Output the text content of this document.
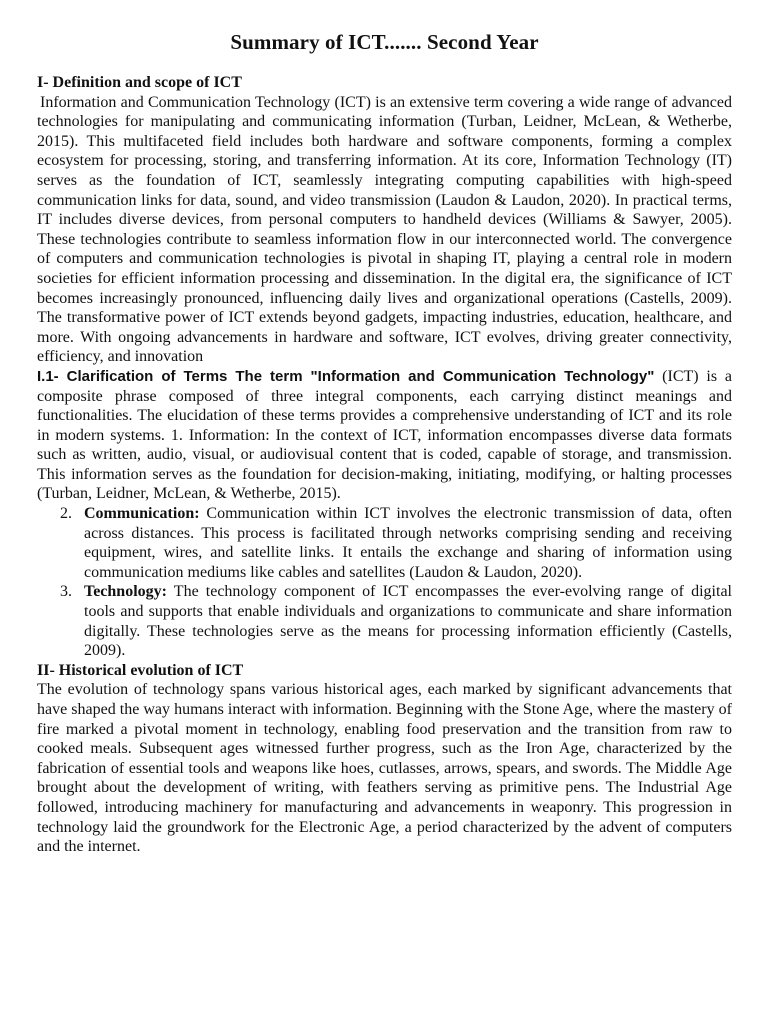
Summary of ICT....... Second Year
I- Definition and scope of ICT

Information and Communication Technology (ICT) is an extensive term covering a wide range of advanced technologies for manipulating and communicating information (Turban, Leidner, McLean, & Wetherbe, 2015). This multifaceted field includes both hardware and software components, forming a complex ecosystem for processing, storing, and transferring information. At its core, Information Technology (IT) serves as the foundation of ICT, seamlessly integrating computing capabilities with high-speed communication links for data, sound, and video transmission (Laudon & Laudon, 2020). In practical terms, IT includes diverse devices, from personal computers to handheld devices (Williams & Sawyer, 2005). These technologies contribute to seamless information flow in our interconnected world. The convergence of computers and communication technologies is pivotal in shaping IT, playing a central role in modern societies for efficient information processing and dissemination. In the digital era, the significance of ICT becomes increasingly pronounced, influencing daily lives and organizational operations (Castells, 2009). The transformative power of ICT extends beyond gadgets, impacting industries, education, healthcare, and more. With ongoing advancements in hardware and software, ICT evolves, driving greater connectivity, efficiency, and innovation

I.1- Clarification of Terms The term "Information and Communication Technology" (ICT) is a composite phrase composed of three integral components, each carrying distinct meanings and functionalities. The elucidation of these terms provides a comprehensive understanding of ICT and its role in modern systems. 1. Information: In the context of ICT, information encompasses diverse data formats such as written, audio, visual, or audiovisual content that is coded, capable of storage, and transmission. This information serves as the foundation for decision-making, initiating, modifying, or halting processes (Turban, Leidner, McLean, & Wetherbe, 2015).

2. Communication: Communication within ICT involves the electronic transmission of data, often across distances. This process is facilitated through networks comprising sending and receiving equipment, wires, and satellite links. It entails the exchange and sharing of information using communication mediums like cables and satellites (Laudon & Laudon, 2020).
3. Technology: The technology component of ICT encompasses the ever-evolving range of digital tools and supports that enable individuals and organizations to communicate and share information digitally. These technologies serve as the means for processing information efficiently (Castells, 2009).
II- Historical evolution of ICT

The evolution of technology spans various historical ages, each marked by significant advancements that have shaped the way humans interact with information. Beginning with the Stone Age, where the mastery of fire marked a pivotal moment in technology, enabling food preservation and the transition from raw to cooked meals. Subsequent ages witnessed further progress, such as the Iron Age, characterized by the fabrication of essential tools and weapons like hoes, cutlasses, arrows, spears, and swords. The Middle Age brought about the development of writing, with feathers serving as primitive pens. The Industrial Age followed, introducing machinery for manufacturing and advancements in weaponry. This progression in technology laid the groundwork for the Electronic Age, a period characterized by the advent of computers and the internet.
